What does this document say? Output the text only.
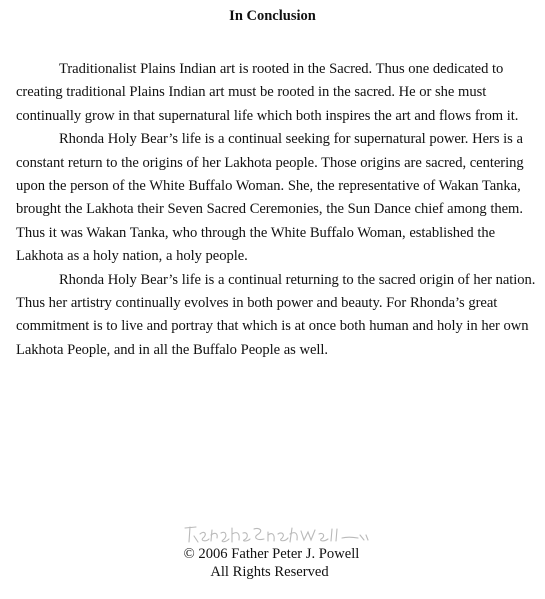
In Conclusion

Traditionalist Plains Indian art is rooted in the Sacred. Thus one dedicated to creating traditional Plains Indian art must be rooted in the sacred. He or she must continually grow in that supernatural life which both inspires the art and flows from it.

Rhonda Holy Bear’s life is a continual seeking for supernatural power. Hers is a constant return to the origins of her Lakhota people. Those origins are sacred, centering upon the person of the White Buffalo Woman. She, the representative of Wakan Tanka, brought the Lakhota their Seven Sacred Ceremonies, the Sun Dance chief among them. Thus it was Wakan Tanka, who through the White Buffalo Woman, established the Lakhota as a holy nation, a holy people.

Rhonda Holy Bear’s life is a continual returning to the sacred origin of her nation. Thus her artistry continually evolves in both power and beauty. For Rhonda’s great commitment is to live and portray that which is at once both human and holy in her own Lakhota People, and in all the Buffalo People as well.

© 2006 Father Peter J. Powell
All Rights Reserved
